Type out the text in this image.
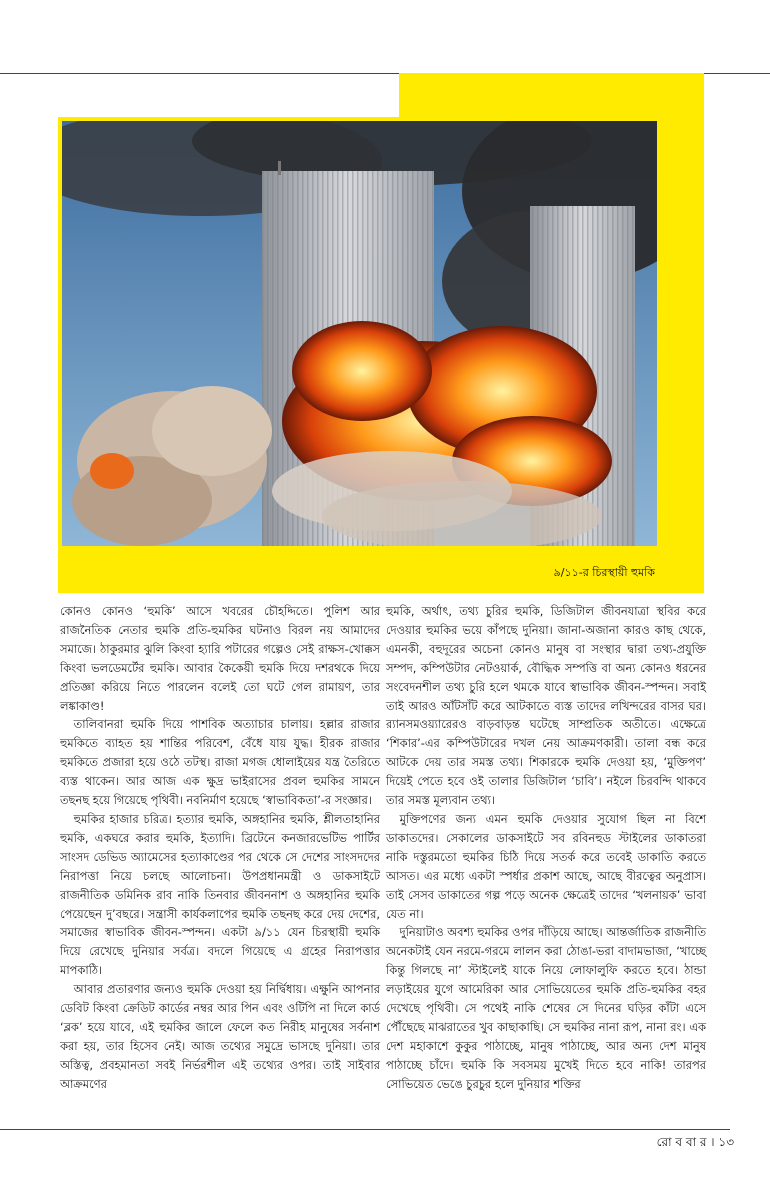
৯/১১-র চিরস্থায়ী হুমকি

কোনও কোনও ‘হুমকি’ আসে খবরের চৌহদ্দিতে। পুলিশ আর রাজনৈতিক নেতার হুমকি প্রতি-হুমকির ঘটনাও বিরল নয় আমাদের সমাজে। ঠাকুরমার ঝুলি কিংবা হ্যারি পটারের গল্পেও সেই রাক্ষস-খোক্কস কিংবা ভলডেমর্টের হুমকি। আবার কৈকেয়ী হুমকি দিয়ে দশরথকে দিয়ে প্রতিজ্ঞা করিয়ে নিতে পারলেন বলেই তো ঘটে গেল রামায়ণ, তার লঙ্কাকাণ্ড!

তালিবানরা হুমকি দিয়ে পাশবিক অত্যাচার চালায়। হল্লার রাজার হুমকিতে ব্যাহত হয় শান্তির পরিবেশ, বেঁধে যায় যুদ্ধ। হীরক রাজার হুমকিতে প্রজারা হয়ে ওঠে তটস্থ। রাজা মগজ ধোলাইয়ের যন্ত্র তৈরিতে ব্যস্ত থাকেন। আর আজ এক ক্ষুদ্র ভাইরাসের প্রবল হুমকির সামনে তছনছ হয়ে গিয়েছে পৃথিবী। নবনির্মাণ হয়েছে ‘স্বাভাবিকতা’-র সংজ্ঞার।

হুমকির হাজার চরিত্র। হত্যার হুমকি, অঙ্গহানির হুমকি, শ্লীলতাহানির হুমকি, একঘরে করার হুমকি, ইত্যাদি। ব্রিটেনে কনজারভেটিভ পার্টির সাংসদ ডেভিড অ্যামেসের হত্যাকাণ্ডের পর থেকে সে দেশের সাংসদদের নিরাপত্তা নিয়ে চলছে আলোচনা। উপপ্রধানমন্ত্রী ও ডাকসাইটে রাজনীতিক ডমিনিক রাব নাকি তিনবার জীবননাশ ও অঙ্গহানির হুমকি পেয়েছেন দু’বছরে। সন্ত্রাসী কার্যকলাপের হুমকি তছনছ করে দেয় দেশের, সমাজের স্বাভাবিক জীবন-স্পন্দন। একটা ৯/১১ যেন চিরস্থায়ী হুমকি দিয়ে রেখেছে দুনিয়ার সর্বত্র। বদলে গিয়েছে এ গ্রহের নিরাপত্তার মাপকাঠি।

আবার প্রতারণার জন্যও হুমকি দেওয়া হয় নির্দ্বিধায়। এক্ষুনি আপনার ডেবিট কিংবা ক্রেডিট কার্ডের নম্বর আর পিন এবং ওটিপি না দিলে কার্ড ‘ব্লক’ হয়ে যাবে, এই হুমকির জালে ফেলে কত নিরীহ মানুষের সর্বনাশ করা হয়, তার হিসেব নেই। আজ তথ্যের সমুদ্রে ভাসছে দুনিয়া। তার অস্তিত্ব, প্রবহমানতা সবই নির্ভরশীল এই তথ্যের ওপর। তাই সাইবার আক্রমণের

হুমকি, অর্থাৎ, তথ্য চুরির হুমকি, ডিজিটাল জীবনযাত্রা স্থবির করে দেওয়ার হুমকির ভয়ে কাঁপছে দুনিয়া। জানা-অজানা কারও কাছ থেকে, এমনকী, বহুদূরের অচেনা কোনও মানুষ বা সংস্থার দ্বারা তথ্য-প্রযুক্তি সম্পদ, কম্পিউটার নেটওয়ার্ক, বৌদ্ধিক সম্পত্তি বা অন্য কোনও ধরনের সংবেদনশীল তথ্য চুরি হলে থমকে যাবে স্বাভাবিক জীবন-স্পন্দন। সবাই তাই আরও আঁটসাঁট করে আটকাতে ব্যস্ত তাদের লখিন্দরের বাসর ঘর। র‍্যানসমওয়্যারেরও বাড়বাড়ন্ত ঘটেছে সাম্প্রতিক অতীতে। এক্ষেত্রে ‘শিকার’-এর কম্পিউটারের দখল নেয় আক্রমণকারী। তালা বন্ধ করে আটকে দেয় তার সমস্ত তথ্য। শিকারকে হুমকি দেওয়া হয়, ‘মুক্তিপণ’ দিয়েই পেতে হবে ওই তালার ডিজিটাল ‘চাবি’। নইলে চিরবন্দি থাকবে তার সমস্ত মূল্যবান তথ্য।

মুক্তিপণের জন্য এমন হুমকি দেওয়ার সুযোগ ছিল না বিশে ডাকাতদের। সেকালের ডাকসাইটে সব রবিনহুড স্টাইলের ডাকাতরা নাকি দস্তুরমতো হুমকির চিঠি দিয়ে সতর্ক করে তবেই ডাকাতি করতে আসত। এর মধ্যে একটা স্পর্ধার প্রকাশ আছে, আছে বীরত্বের অনুপ্রাস। তাই সেসব ডাকাতের গল্প পড়ে অনেক ক্ষেত্রেই তাদের ‘খলনায়ক’ ভাবা যেত না।

দুনিয়াটাও অবশ্য হুমকির ওপর দাঁড়িয়ে আছে। আন্তর্জাতিক রাজনীতি অনেকটাই যেন নরমে-গরমে লালন করা ঠোঙা-ভরা বাদামভাজা, ‘খাচ্ছে কিন্তু গিলছে না’ স্টাইলেই যাকে নিয়ে লোফালুফি করতে হবে। ঠান্ডা লড়াইয়ের যুগে আমেরিকা আর সোভিয়েতের হুমকি প্রতি-হুমকির বহর দেখেছে পৃথিবী। সে পথেই নাকি শেষের সে দিনের ঘড়ির কাঁটা এসে পৌঁছেছে মাঝরাতের খুব কাছাকাছি। সে হুমকির নানা রূপ, নানা রং। এক দেশ মহাকাশে কুকুর পাঠাচ্ছে, মানুষ পাঠাচ্ছে, আর অন্য দেশ মানুষ পাঠাচ্ছে চাঁদে। হুমকি কি সবসময় মুখেই দিতে হবে নাকি! তারপর সোভিয়েত ভেঙে চুরচুর হলে দুনিয়ার শক্তির

রো ব বা র । ১৩
